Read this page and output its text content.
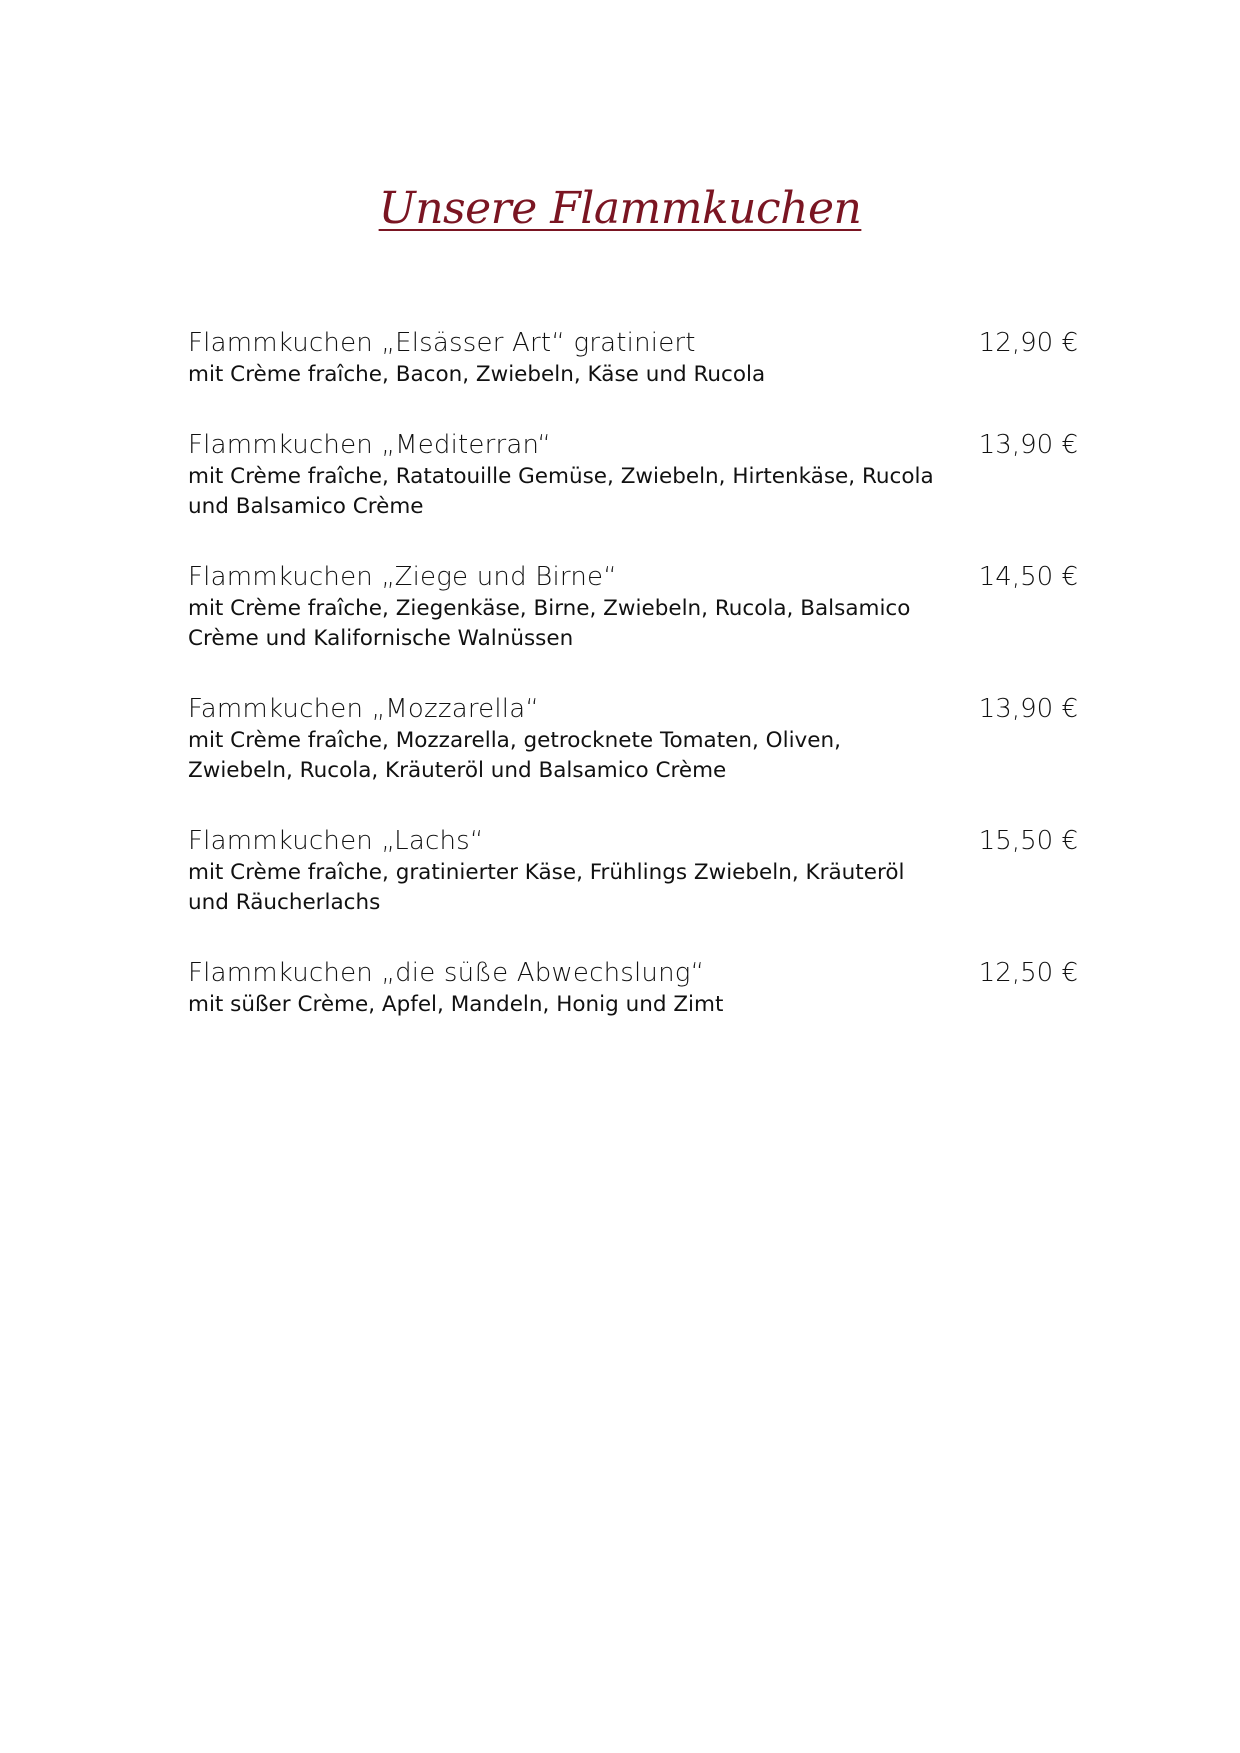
Unsere Flammkuchen
Flammkuchen „Elsässer Art“ gratiniert	12,90 €
mit Crème fraîche, Bacon, Zwiebeln, Käse und Rucola
Flammkuchen „Mediterran“	13,90 €
mit Crème fraîche, Ratatouille Gemüse, Zwiebeln, Hirtenkäse, Rucola und Balsamico Crème
Flammkuchen „Ziege und Birne“	14,50 €
mit Crème fraîche, Ziegenkäse, Birne, Zwiebeln, Rucola, Balsamico Crème und Kalifornische Walnüssen
Fammkuchen „Mozzarella“	13,90 €
mit Crème fraîche, Mozzarella, getrocknete Tomaten, Oliven, Zwiebeln, Rucola, Kräuteröl und Balsamico Crème
Flammkuchen „Lachs“	15,50 €
mit Crème fraîche, gratinierter Käse, Frühlings Zwiebeln, Kräuteröl und Räucherlachs
Flammkuchen „die süße Abwechslung“	12,50 €
mit süßer Crème, Apfel, Mandeln, Honig und Zimt
